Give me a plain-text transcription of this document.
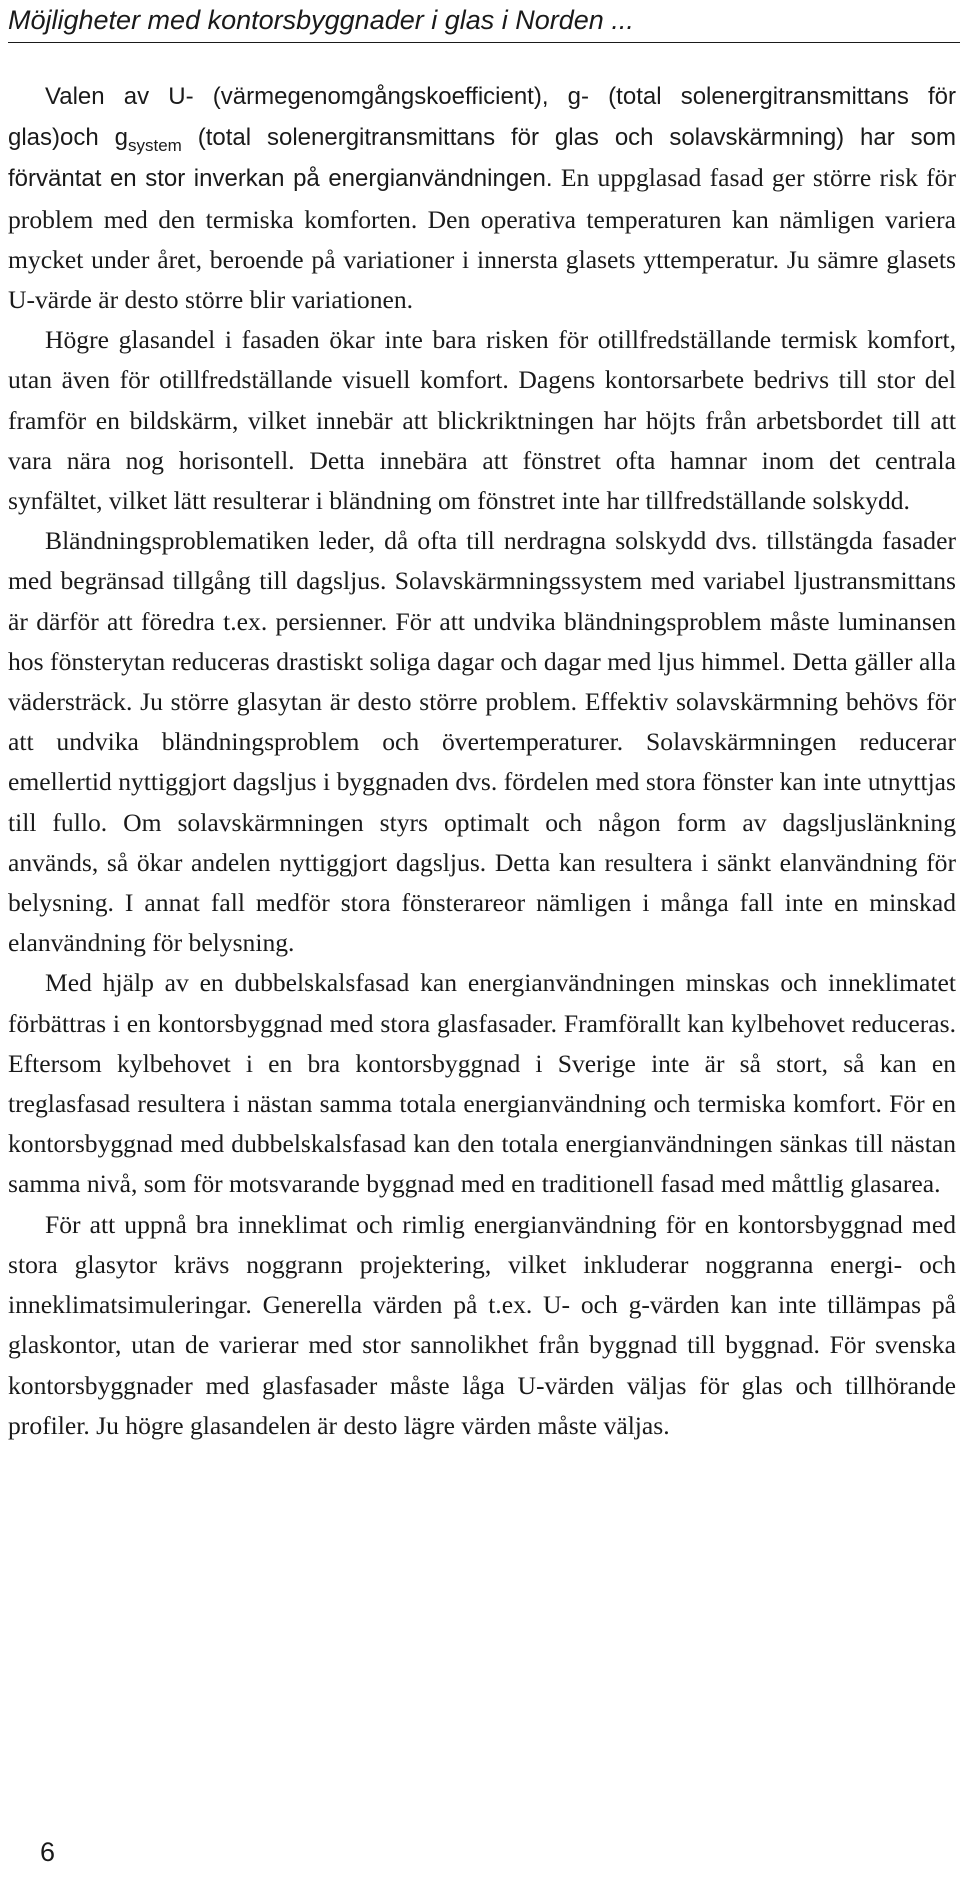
Möjligheter med kontorsbyggnader i glas i Norden ...

Valen av U- (värmegenomgångskoefficient), g- (total solenergitransmittans för glas)och $g_{system}$ (total solenergitransmittans för glas och solavskärmning) har som förväntat en stor inverkan på energianvändningen. En uppglasad fasad ger större risk för problem med den termiska komforten. Den operativa temperaturen kan nämligen variera mycket under året, beroende på variationer i innersta glasets yttemperatur. Ju sämre glasets U-värde är desto större blir variationen.

Högre glasandel i fasaden ökar inte bara risken för otillfredställande termisk komfort, utan även för otillfredställande visuell komfort. Dagens kontorsarbete bedrivs till stor del framför en bildskärm, vilket innebär att blickriktningen har höjts från arbetsbordet till att vara nära nog horisontell. Detta innebära att fönstret ofta hamnar inom det centrala synfältet, vilket lätt resulterar i bländning om fönstret inte har tillfredställande solskydd.

Bländningsproblematiken leder, då ofta till nerdragna solskydd dvs. tillstängda fasader med begränsad tillgång till dagsljus. Solavskärmningssystem med variabel ljustransmittans är därför att föredra t.ex. persienner. För att undvika bländningsproblem måste luminansen hos fönsterytan reduceras drastiskt soliga dagar och dagar med ljus himmel. Detta gäller alla vädersträck. Ju större glasytan är desto större problem. Effektiv solavskärmning behövs för att undvika bländningsproblem och övertemperaturer. Solavskärmningen reducerar emellertid nyttiggjort dagsljus i byggnaden dvs. fördelen med stora fönster kan inte utnyttjas till fullo. Om solavskärmningen styrs optimalt och någon form av dagsljuslänkning används, så ökar andelen nyttiggjort dagsljus. Detta kan resultera i sänkt elanvändning för belysning. I annat fall medför stora fönsterareor nämligen i många fall inte en minskad elanvändning för belysning.

Med hjälp av en dubbelskalsfasad kan energianvändningen minskas och inneklimatet förbättras i en kontorsbyggnad med stora glasfasader. Framförallt kan kylbehovet reduceras. Eftersom kylbehovet i en bra kontorsbyggnad i Sverige inte är så stort, så kan en treglasfasad resultera i nästan samma totala energianvändning och termiska komfort. För en kontorsbyggnad med dubbelskalsfasad kan den totala energianvändningen sänkas till nästan samma nivå, som för motsvarande byggnad med en traditionell fasad med måttlig glasarea.

För att uppnå bra inneklimat och rimlig energianvändning för en kontorsbyggnad med stora glasytor krävs noggrann projektering, vilket inkluderar noggranna energi- och inneklimatsimuleringar. Generella värden på t.ex. U- och g-värden kan inte tillämpas på glaskontor, utan de varierar med stor sannolikhet från byggnad till byggnad. För svenska kontorsbyggnader med glasfasader måste låga U-värden väljas för glas och tillhörande profiler. Ju högre glasandelen är desto lägre värden måste väljas.

6
